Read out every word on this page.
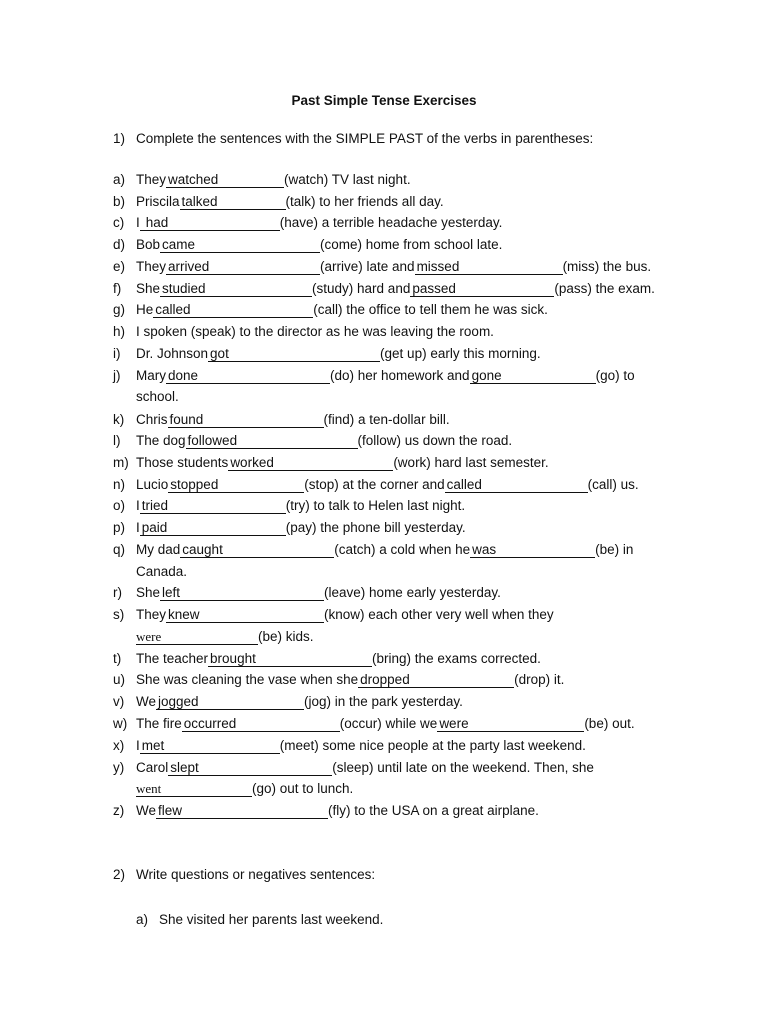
Past Simple Tense Exercises
1) Complete the sentences with the SIMPLE PAST of the verbs in parentheses:
a) They watched	(watch) TV last night.
b) Priscila talked	(talk) to her friends all day.
c) I had	(have) a terrible headache yesterday.
d) Bob came	(come) home from school late.
e) They arrived	(arrive) late and missed	(miss) the bus.
f) She studied	(study) hard and passed	(pass) the exam.
g) He called	(call) the office to tell them he was sick.
h) I spoken (speak) to the director as he was leaving the room.
i) Dr. Johnson got	(get up) early this morning.
j) Mary done	(do) her homework and gone	(go) to
school.
k) Chris found	(find) a ten-dollar bill.
l) The dog followed	(follow) us down the road.
m) Those students worked	(work) hard last semester.
n) Lucio stopped	(stop) at the corner and called	(call) us.
o) I tried	(try) to talk to Helen last night.
p) I paid	(pay) the phone bill yesterday.
q) My dad caught	(catch) a cold when he was	(be) in
Canada.
r) She left	(leave) home early yesterday.
s) They knew	(know) each other very well when they
were	(be) kids.
t) The teacher brought	(bring) the exams corrected.
u) She was cleaning the vase when she dropped	(drop) it.
v) We jogged	(jog) in the park yesterday.
w) The fire occurred	(occur) while we were	(be) out.
x) I met	(meet) some nice people at the party last weekend.
y) Carol slept	(sleep) until late on the weekend. Then, she
went	(go) out to lunch.
z) We flew	(fly) to the USA on a great airplane.
2) Write questions or negatives sentences:
a) She visited her parents last weekend.
